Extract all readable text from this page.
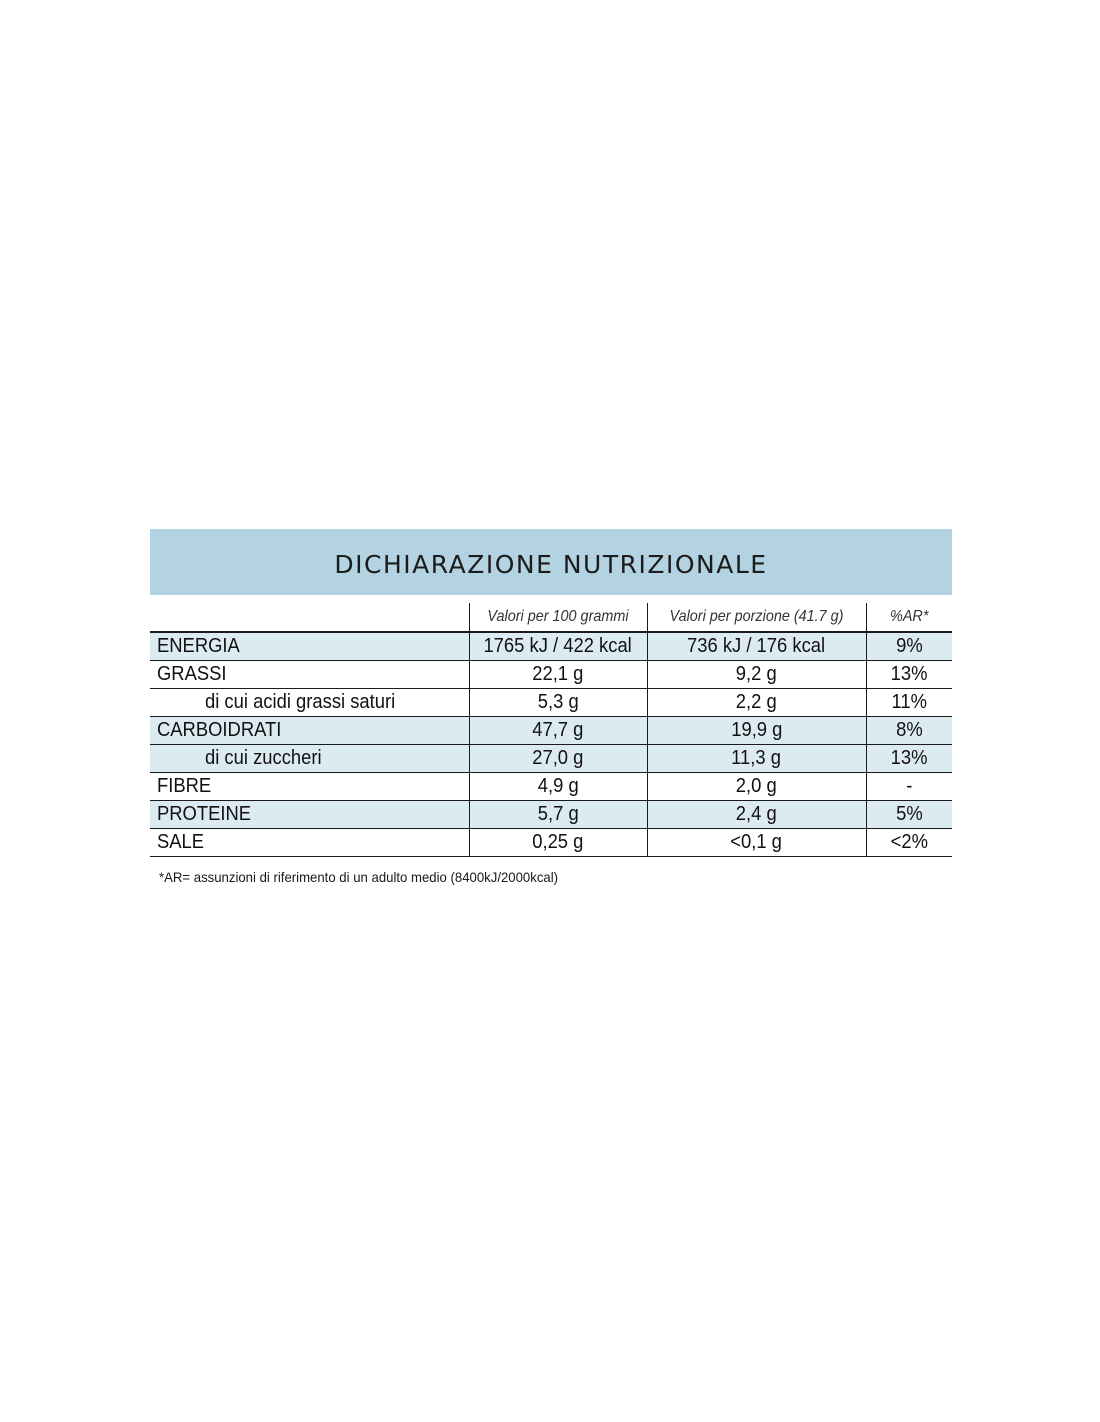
DICHIARAZIONE NUTRIZIONALE
	Valori per 100 grammi	Valori per porzione (41.7 g)	%AR*
ENERGIA	1765 kJ / 422 kcal	736 kJ / 176 kcal	9%
GRASSI	22,1 g	9,2 g	13%
di cui acidi grassi saturi	5,3 g	2,2 g	11%
CARBOIDRATI	47,7 g	19,9 g	8%
di cui zuccheri	27,0 g	11,3 g	13%
FIBRE	4,9 g	2,0 g	-
PROTEINE	5,7 g	2,4 g	5%
SALE	0,25 g	<0,1 g	<2%
*AR= assunzioni di riferimento di un adulto medio (8400kJ/2000kcal)
